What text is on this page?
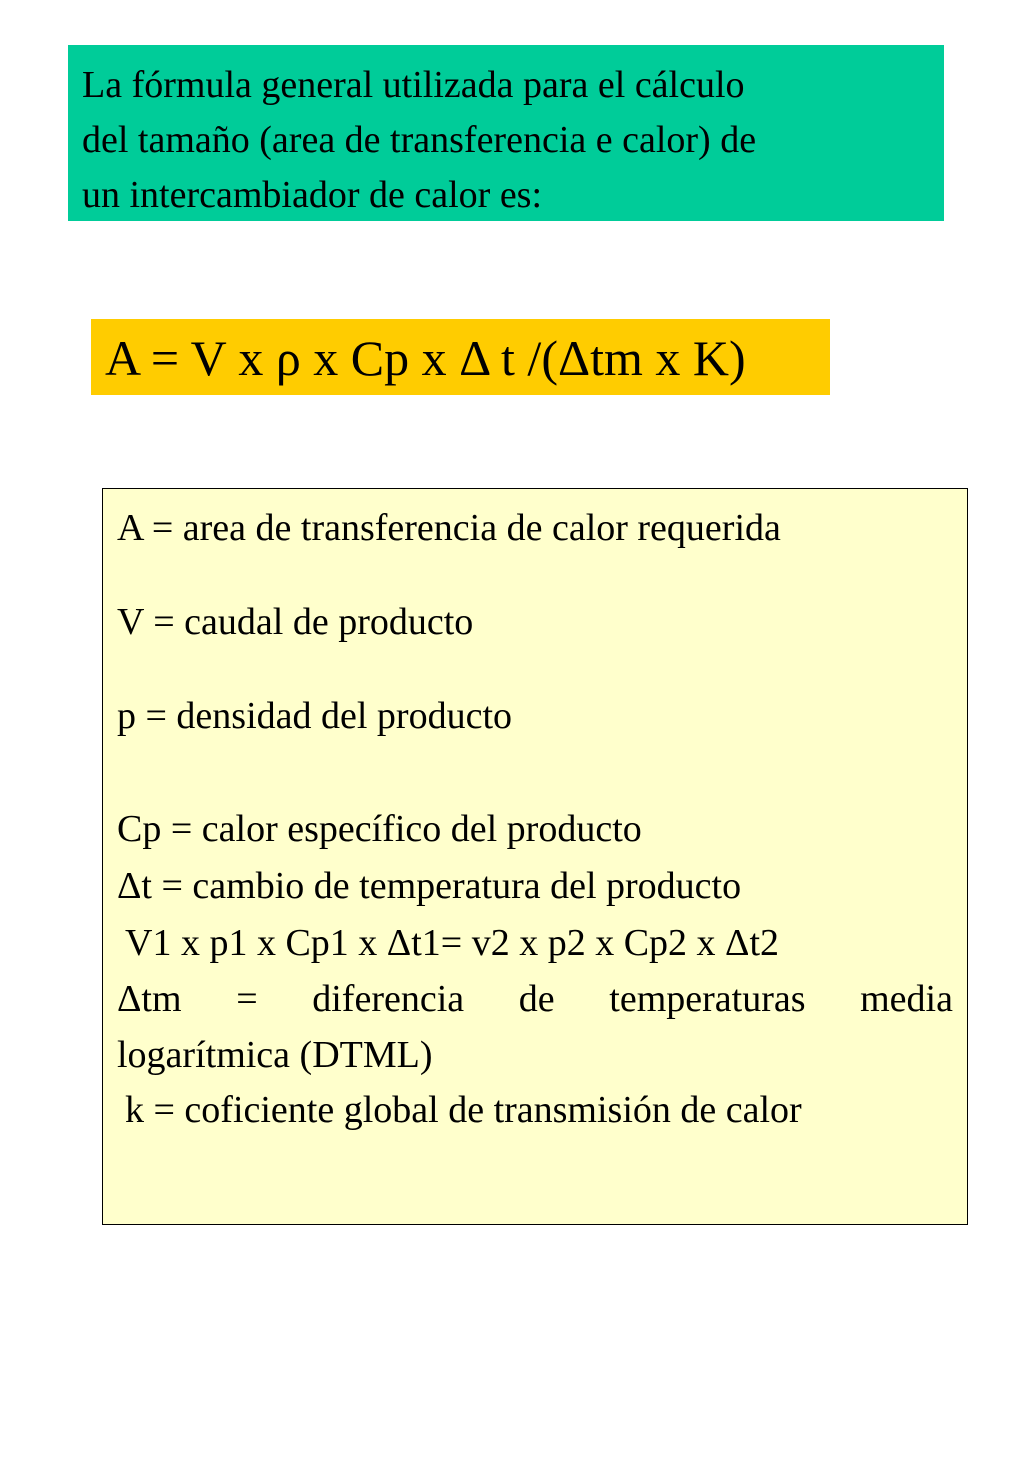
La fórmula general utilizada para el cálculo
del tamaño (area de transferencia e calor) de
un intercambiador de calor es:
A = V x ρ x Cp x Δ t /(Δtm x K)
A = area de transferencia de calor requerida
V = caudal de producto
p = densidad del producto
Cp = calor específico del producto
Δt = cambio de temperatura del producto
V1 x p1 x Cp1 x Δt1= v2 x p2 x Cp2 x Δt2
Δtm = diferencia de temperaturas media
logarítmica (DTML)
k = coficiente global de transmisión de calor
